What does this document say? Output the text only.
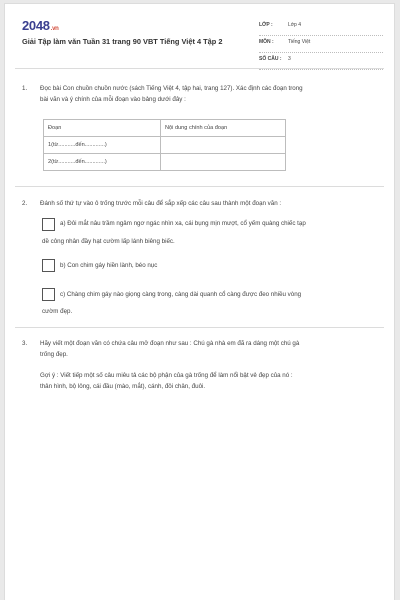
2048.vn
Giải Tập làm văn Tuần 31 trang 90 VBT Tiếng Việt 4 Tập 2
LỚP :	Lớp 4
MÔN :	Tiếng Việt
SỐ CÂU : 3
1. Đọc bài Con chuồn chuồn nước (sách Tiếng Việt 4, tập hai, trang 127). Xác định các đoạn trong
bài văn và ý chính của mỗi đoạn vào bảng dưới đây :
Đoạn	Nội dung chính của đoạn
1(từ...........đến.............)	
2(từ...........đến.............)	
2. Đánh số thứ tự vào ô trống trước mỗi câu để sắp xếp các câu sau thành một đoạn văn :
a) Đôi mắt nâu trầm ngâm ngơ ngác nhìn xa, cái bụng mịn mượt, cổ yếm quàng chiếc tạp
dề công nhân đầy hạt cườm lấp lánh biêng biếc.
b) Con chim gáy hiền lành, béo nục
c) Chàng chim gáy nào giọng càng trong, càng dài quanh cổ càng được đeo nhiều vòng
cườm đẹp.
3. Hãy viết một đoạn văn có chứa câu mở đoạn như sau : Chú gà nhà em đã ra dáng một chú gà
trống đẹp.
Gợi ý : Viết tiếp một số câu miêu tả các bộ phận của gà trống để làm nổi bật vẻ đẹp của nó :
thân hình, bộ lông, cái đầu (mào, mắt), cánh, đôi chân, đuôi.
